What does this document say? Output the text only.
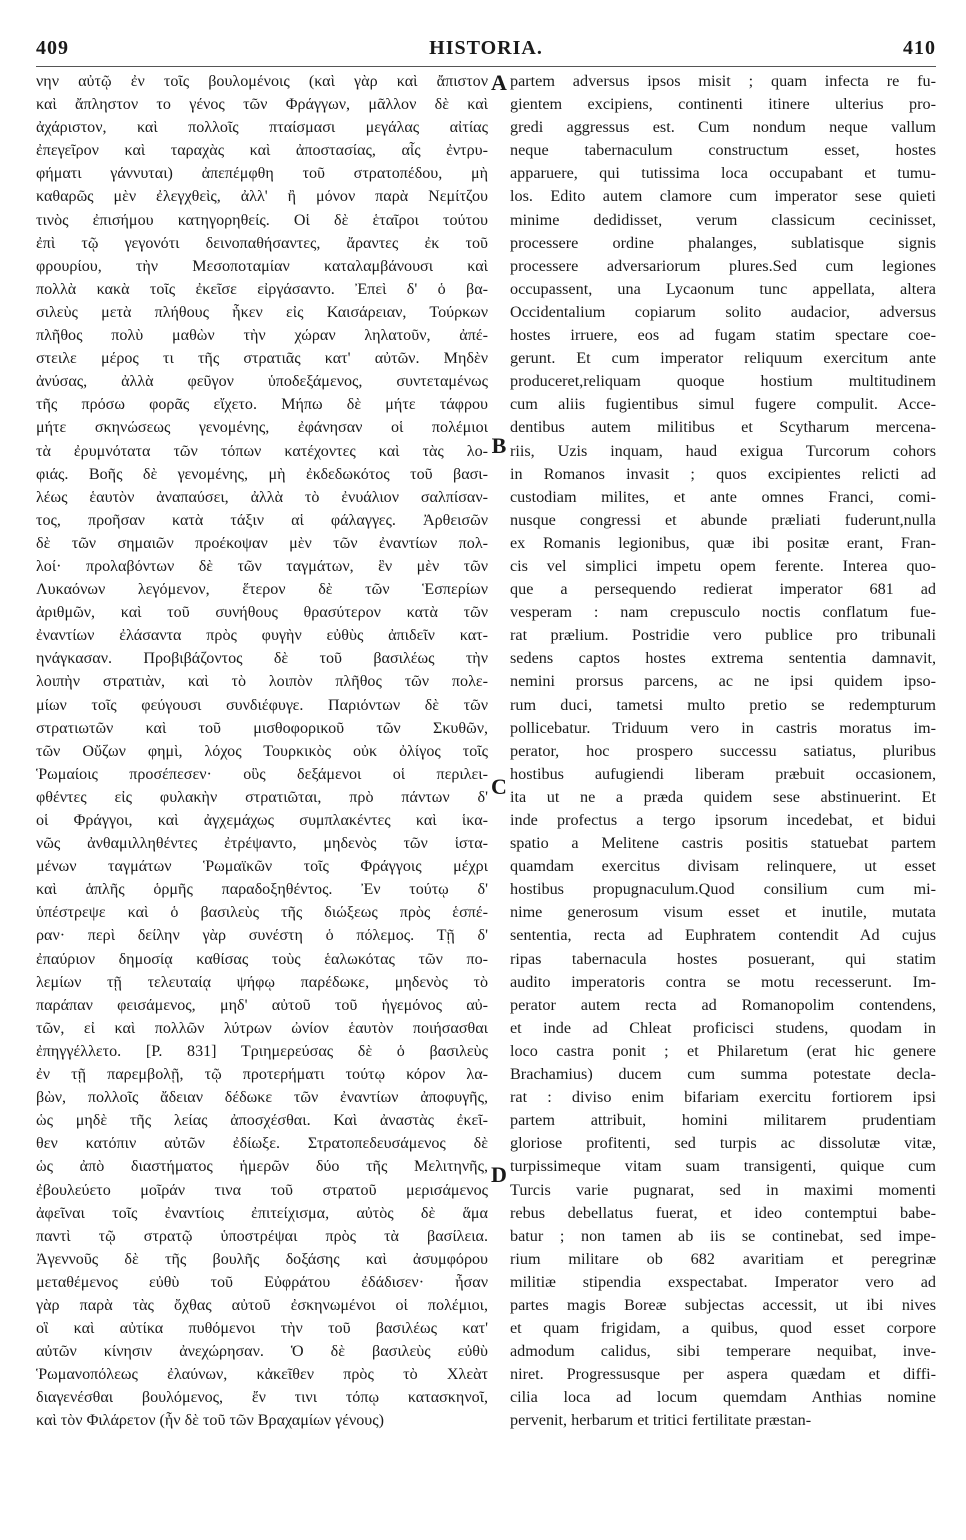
409	HISTORIA.	410

νην αὐτῷ ἐν τοῖς βουλομένοις (καὶ γὰρ καὶ ἄπιστον

καὶ ἄπληστον το γένος τῶν Φράγγων, μᾶλλον δὲ καὶ

ἀχάριστον, καὶ πολλοῖς πταίσμασι μεγάλας αἰτίας

ἐπεγεῖρον καὶ ταραχὰς καὶ ἀποστασίας, αἷς ἐντρυ-

φήματι γάννυται) ἀπεπέμφθη τοῦ στρατοπέδου, μὴ

καθαρῶς μὲν ἐλεγχθεὶς, ἀλλ' ἢ μόνον παρὰ Νεμίτζου

τινὸς ἐπισήμου κατηγορηθείς. Οἱ δὲ ἑταῖροι τούτου

ἐπὶ τῷ γεγονότι δεινοπαθήσαντες, ἄραντες ἐκ τοῦ

φρουρίου, τὴν Μεσοποταμίαν καταλαμβάνουσι καὶ

πολλὰ κακὰ τοῖς ἐκεῖσε εἰργάσαντο. Ἐπεὶ δ' ὁ βα-

σιλεὺς μετὰ πλήθους ἧκεν εἰς Καισάρειαν, Τούρκων

πλῆθος πολὺ μαθὼν τὴν χώραν ληλατοῦν, ἀπέ-

στειλε μέρος τι τῆς στρατιᾶς κατ' αὐτῶν. Μηδὲν

ἀνύσας, ἀλλὰ φεῦγον ὑποδεξάμενος, συντεταμένως

τῆς πρόσω φορᾶς εἴχετο. Μήπω δὲ μήτε τάφρου

μήτε σκηνώσεως γενομένης, ἐφάνησαν οἱ πολέμιοι

τὰ ἐρυμνότατα τῶν τόπων κατέχοντες καὶ τὰς λο-

φιάς. Βοῆς δὲ γενομένης, μὴ ἐκδεδωκότος τοῦ βασι-

λέως ἑαυτὸν ἀναπαύσει, ἀλλὰ τὸ ἐνυάλιον σαλπίσαν-

τος, προῆσαν κατὰ τάξιν αἱ φάλαγγες. Ἀρθεισῶν

δὲ τῶν σημαιῶν προέκοψαν μὲν τῶν ἐναντίων πολ-

λοί· προλαβόντων δὲ τῶν ταγμάτων, ἓν μὲν τῶν

Λυκαόνων λεγόμενον, ἕτερον δὲ τῶν Ἑσπερίων

ἀριθμῶν, καὶ τοῦ συνήθους θρασύτερον κατὰ τῶν

ἐναντίων ἐλάσαντα πρὸς φυγὴν εὐθὺς ἀπιδεῖν κατ-

ηνάγκασαν. Προβιβάζοντος δὲ τοῦ βασιλέως τὴν

λοιπὴν στρατιὰν, καὶ τὸ λοιπὸν πλῆθος τῶν πολε-

μίων τοῖς φεύγουσι συνδιέφυγε. Παριόντων δὲ τῶν

στρατιωτῶν καὶ τοῦ μισθοφορικοῦ τῶν Σκυθῶν,

τῶν Οὔζων φημὶ, λόχος Τουρκικὸς οὐκ ὀλίγος τοῖς

Ῥωμαίοις προσέπεσεν· οὓς δεξάμενοι οἱ περιλει-

φθέντες εἰς φυλακὴν στρατιῶται, πρὸ πάντων δ'

οἱ Φράγγοι, καὶ ἀγχεμάχως συμπλακέντες καὶ ἱκα-

νῶς ἀνθαμιλληθέντες ἐτρέψαντο, μηδενὸς τῶν ἱστα-

μένων ταγμάτων Ῥωμαϊκῶν τοῖς Φράγγοις μέχρι

καὶ ἁπλῆς ὁρμῆς παραδοξηθέντος. Ἐν τούτῳ δ'

ὑπέστρεψε καὶ ὁ βασιλεὺς τῆς διώξεως πρὸς ἑσπέ-

ραν· περὶ δείλην γὰρ συνέστη ὁ πόλεμος. Τῇ δ'

ἐπαύριον δημοσίᾳ καθίσας τοὺς ἑαλωκότας τῶν πο-

λεμίων τῇ τελευταίᾳ ψήφῳ παρέδωκε, μηδενὸς τὸ

παράπαν φεισάμενος, μηδ' αὐτοῦ τοῦ ἡγεμόνος αὐ-

τῶν, εἰ καὶ πολλῶν λύτρων ὠνίον ἑαυτὸν ποιήσασθαι

ἐπηγγέλλετο. [P. 831] Τριημερεύσας δὲ ὁ βασιλεὺς

ἐν τῇ παρεμβολῇ, τῷ προτερήματι τούτῳ κόρον λα-

βὼν, πολλοῖς ἄδειαν δέδωκε τῶν ἐναντίων ἀποφυγῆς,

ὡς μηδὲ τῆς λείας ἀποσχέσθαι. Καὶ ἀναστὰς ἐκεῖ-

θεν κατόπιν αὐτῶν ἐδίωξε. Στρατοπεδευσάμενος δὲ

ὡς ἀπὸ διαστήματος ἡμερῶν δύο τῆς Μελιτηνῆς,

ἐβουλεύετο μοῖράν τινα τοῦ στρατοῦ μερισάμενος

ἀφεῖναι τοῖς ἐναντίοις ἐπιτείχισμα, αὐτὸς δὲ ἅμα

παντὶ τῷ στρατῷ ὑποστρέψαι πρὸς τὰ βασίλεια.

Ἀγεννοῦς δὲ τῆς βουλῆς δοξάσης καὶ ἀσυμφόρου

μεταθέμενος εὐθὺ τοῦ Εὐφράτου ἐδάδισεν· ἦσαν

γὰρ παρὰ τὰς ὄχθας αὐτοῦ ἐσκηνωμένοι οἱ πολέμιοι,

οἳ καὶ αὐτίκα πυθόμενοι τὴν τοῦ βασιλέως κατ'

αὐτῶν κίνησιν ἀνεχώρησαν. Ὁ δὲ βασιλεὺς εὐθὺ

Ῥωμανοπόλεως ἐλαύνων, κἀκεῖθεν πρὸς τὸ Χλεὰτ

διαγενέσθαι βουλόμενος, ἔν τινι τόπῳ κατασκηνοῖ,

καὶ τὸν Φιλάρετον (ἦν δὲ τοῦ τῶν Βραχαμίων γένους)

A
B
C
D

partem adversus ipsos misit ; quam infecta re fu-

gientem excipiens, continenti itinere ulterius pro-

gredi aggressus est. Cum nondum neque vallum

neque tabernaculum constructum esset, hostes

apparuere, qui tutissima loca occupabant et tumu-

los. Edito autem clamore cum imperator sese quieti

minime dedidisset, verum classicum cecinisset,

processere ordine phalanges, sublatisque signis

processere adversariorum plures.Sed cum legiones

occupassent, una Lycaonum tunc appellata, altera

Occidentalium copiarum solito audacior, adversus

hostes irruere, eos ad fugam statim spectare coe-

gerunt. Et cum imperator reliquum exercitum ante

produceret,reliquam quoque hostium multitudinem

cum aliis fugientibus simul fugere compulit. Acce-

dentibus autem militibus et Scytharum mercena-

riis, Uzis inquam, haud exigua Turcorum cohors

in Romanos invasit ; quos excipientes relicti ad

custodiam milites, et ante omnes Franci, comi-

nusque congressi et abunde præliati fuderunt,nulla

ex Romanis legionibus, quæ ibi positæ erant, Fran-

cis vel simplici impetu opem ferente. Interea quo-

que a persequendo redierat imperator 681 ad

vesperam : nam crepusculo noctis conflatum fue-

rat prælium. Postridie vero publice pro tribunali

sedens captos hostes extrema sententia damnavit,

nemini prorsus parcens, ac ne ipsi quidem ipso-

rum duci, tametsi multo pretio se redempturum

pollicebatur. Triduum vero in castris moratus im-

perator, hoc prospero successu satiatus, pluribus

hostibus aufugiendi liberam præbuit occasionem,

ita ut ne a præda quidem sese abstinuerint. Et

inde profectus a tergo ipsorum incedebat, et bidui

spatio a Melitene castris positis statuebat partem

quamdam exercitus divisam relinquere, ut esset

hostibus propugnaculum.Quod consilium cum mi-

nime generosum visum esset et inutile, mutata

sententia, recta ad Euphratem contendit Ad cujus

ripas tabernacula hostes posuerant, qui statim

audito imperatoris contra se motu recesserunt. Im-

perator autem recta ad Romanopolim contendens,

et inde ad Chleat proficisci studens, quodam in

loco castra ponit ; et Philaretum (erat hic genere

Brachamius) ducem cum summa potestate decla-

rat : diviso enim bifariam exercitu fortiorem ipsi

partem attribuit, homini militarem prudentiam

gloriose profitenti, sed turpis ac dissolutæ vitæ,

turpissimeque vitam suam transigenti, quique cum

Turcis varie pugnarat, sed in maximi momenti

rebus debellatus fuerat, et ideo contemptui babe-

batur ; non tamen ab iis se continebat, sed impe-

rium militare ob 682 avaritiam et peregrinæ

militiæ stipendia exspectabat. Imperator vero ad

partes magis Boreæ subjectas accessit, ut ibi nives

et quam frigidam, a quibus, quod esset corpore

admodum calidus, sibi temperare nequibat, inve-

niret. Progressusque per aspera quædam et diffi-

cilia loca ad locum quemdam Anthias nomine

pervenit, herbarum et tritici fertilitate præstan-
